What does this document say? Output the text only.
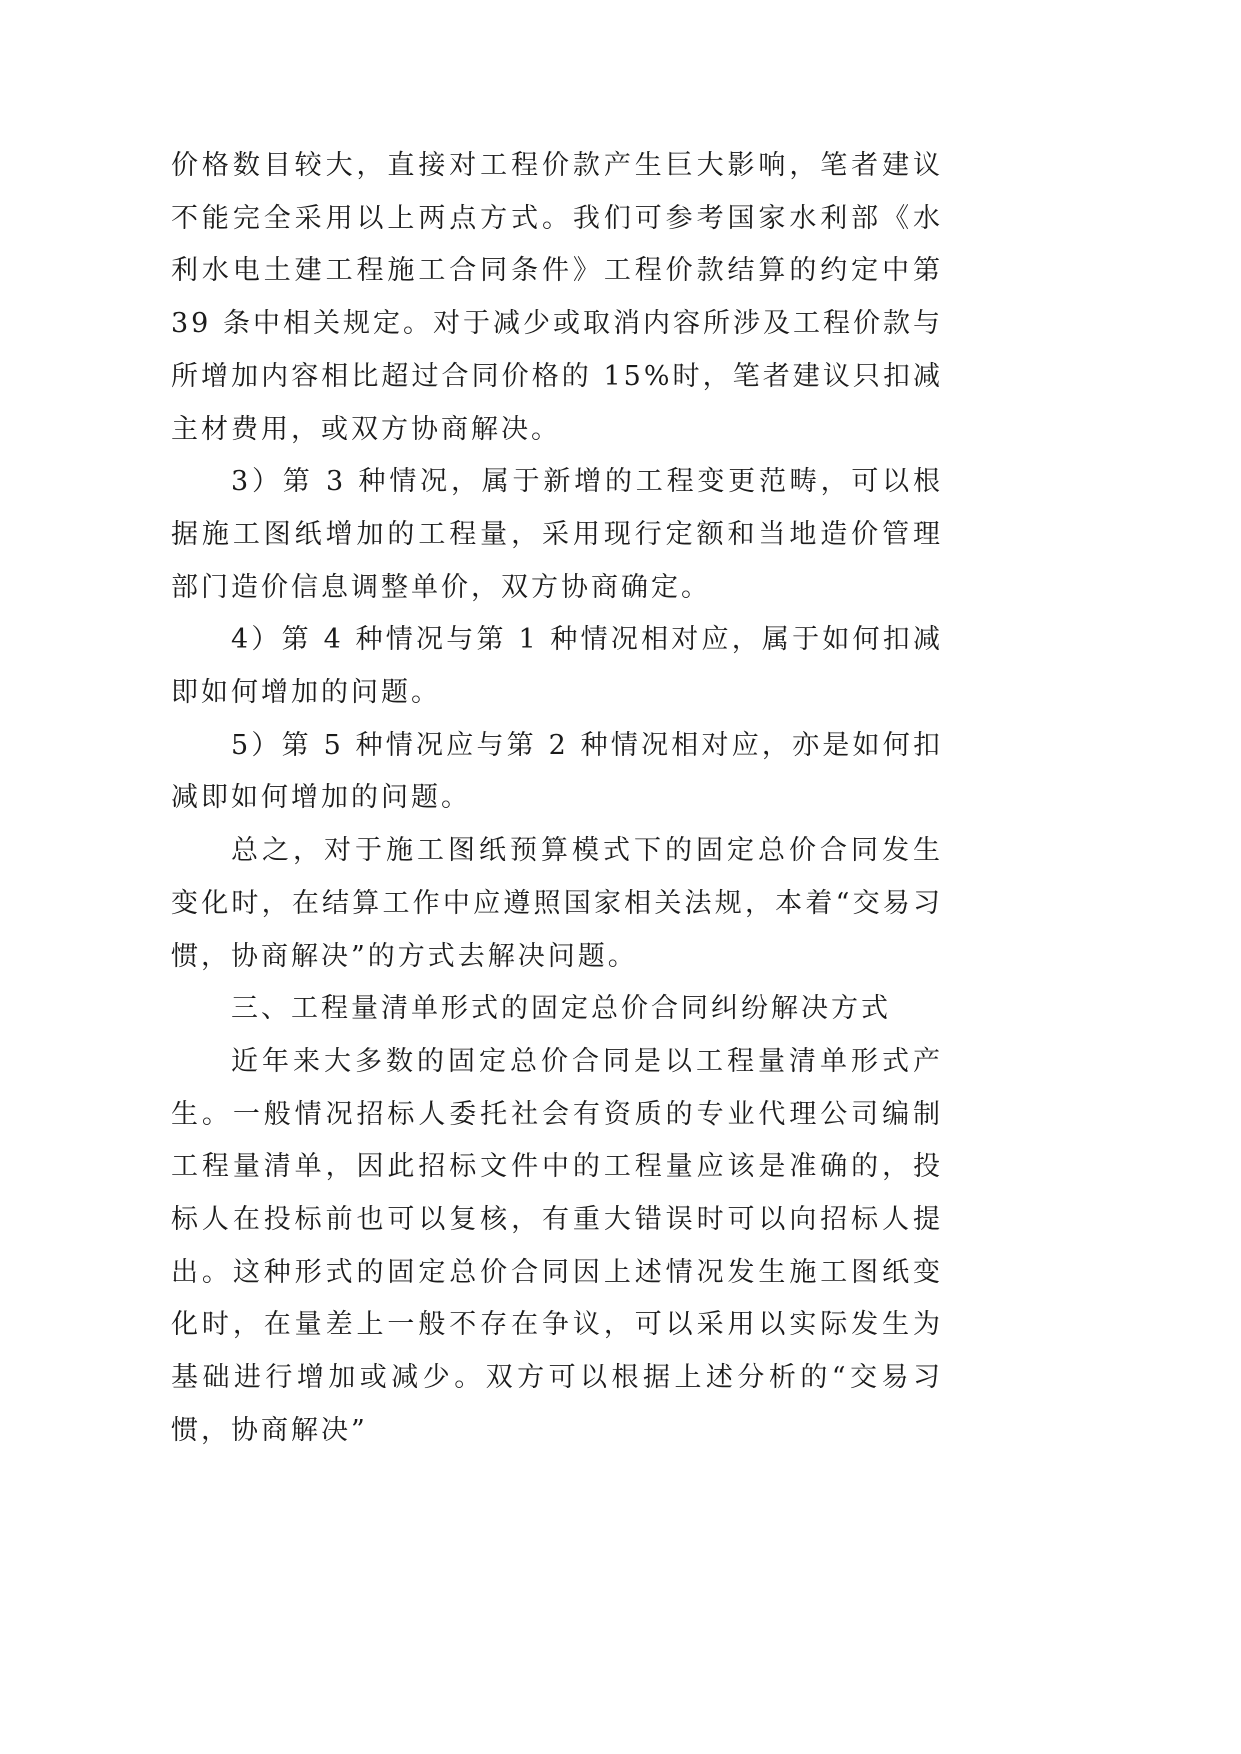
价格数目较大，直接对工程价款产生巨大影响，笔者建议不能完全采用以上两点方式。我们可参考国家水利部《水利水电土建工程施工合同条件》工程价款结算的约定中第 39 条中相关规定。对于减少或取消内容所涉及工程价款与所增加内容相比超过合同价格的 15%时，笔者建议只扣减主材费用，或双方协商解决。

3）第 3 种情况，属于新增的工程变更范畴，可以根据施工图纸增加的工程量，采用现行定额和当地造价管理部门造价信息调整单价，双方协商确定。

4）第 4 种情况与第 1 种情况相对应，属于如何扣减即如何增加的问题。

5）第 5 种情况应与第 2 种情况相对应，亦是如何扣减即如何增加的问题。

总之，对于施工图纸预算模式下的固定总价合同发生变化时，在结算工作中应遵照国家相关法规，本着“交易习惯，协商解决”的方式去解决问题。

三、工程量清单形式的固定总价合同纠纷解决方式

近年来大多数的固定总价合同是以工程量清单形式产生。一般情况招标人委托社会有资质的专业代理公司编制工程量清单，因此招标文件中的工程量应该是准确的，投标人在投标前也可以复核，有重大错误时可以向招标人提出。这种形式的固定总价合同因上述情况发生施工图纸变化时，在量差上一般不存在争议，可以采用以实际发生为基础进行增加或减少。双方可以根据上述分析的“交易习惯，协商解决”
